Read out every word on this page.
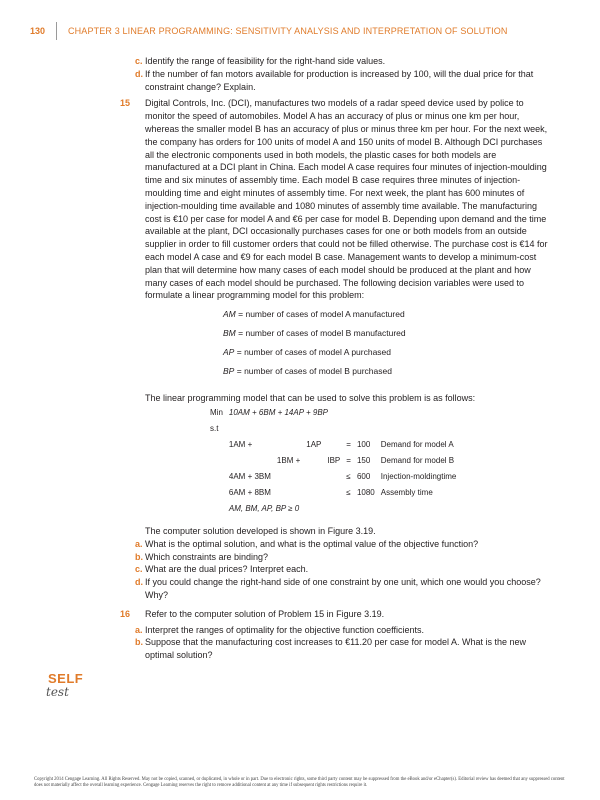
130	CHAPTER 3 LINEAR PROGRAMMING: SENSITIVITY ANALYSIS AND INTERPRETATION OF SOLUTION

c. Identify the range of feasibility for the right-hand side values.

d. If the number of fan motors available for production is increased by 100, will the dual price for that constraint change? Explain.

15 Digital Controls, Inc. (DCI), manufactures two models of a radar speed device used by police to monitor the speed of automobiles. Model A has an accuracy of plus or minus one km per hour, whereas the smaller model B has an accuracy of plus or minus three km per hour. For the next week, the company has orders for 100 units of model A and 150 units of model B. Although DCI purchases all the electronic components used in both models, the plastic cases for both models are manufactured at a DCI plant in China. Each model A case requires four minutes of injection-moulding time and six minutes of assembly time. Each model B case requires three minutes of injection-moulding time and eight minutes of assembly time. For next week, the plant has 600 minutes of injection-moulding time available and 1080 minutes of assembly time available. The manufacturing cost is €10 per case for model A and €6 per case for model B. Depending upon demand and the time available at the plant, DCI occasionally purchases cases for one or both models from an outside supplier in order to fill customer orders that could not be filled otherwise. The purchase cost is €14 for each model A case and €9 for each model B case. Management wants to develop a minimum-cost plan that will determine how many cases of each model should be produced at the plant and how many cases of each model should be purchased. The following decision variables were used to formulate a linear programming model for this problem:

AM = number of cases of model A manufactured
BM = number of cases of model B manufactured
AP = number of cases of model A purchased
BP = number of cases of model B purchased

The linear programming model that can be used to solve this problem is as follows:

Min	10AM + 6BM + 14AP + 9BP						
s.t							
	1AM +		1AP		=	100	Demand for model A
		1BM +		IBP	=	150	Demand for model B
	4AM + 3BM				≤	600	Injection-moldingtime
	6AM + 8BM				≤	1080	Assembly time
	AM, BM, AP, BP ≥ 0						

The computer solution developed is shown in Figure 3.19.

a. What is the optimal solution, and what is the optimal value of the objective function?

b. Which constraints are binding?

c. What are the dual prices? Interpret each.

d. If you could change the right-hand side of one constraint by one unit, which one would you choose? Why?

16 Refer to the computer solution of Problem 15 in Figure 3.19.

a. Interpret the ranges of optimality for the objective function coefficients.

b. Suppose that the manufacturing cost increases to €11.20 per case for model A. What is the new optimal solution?

SELF
test
Copyright 2014 Cengage Learning. All Rights Reserved. May not be copied, scanned, or duplicated, in whole or in part. Due to electronic rights, some third party content may be suppressed from the eBook and/or eChapter(s). Editorial review has deemed that any suppressed content does not materially affect the overall learning experience. Cengage Learning reserves the right to remove additional content at any time if subsequent rights restrictions require it.
